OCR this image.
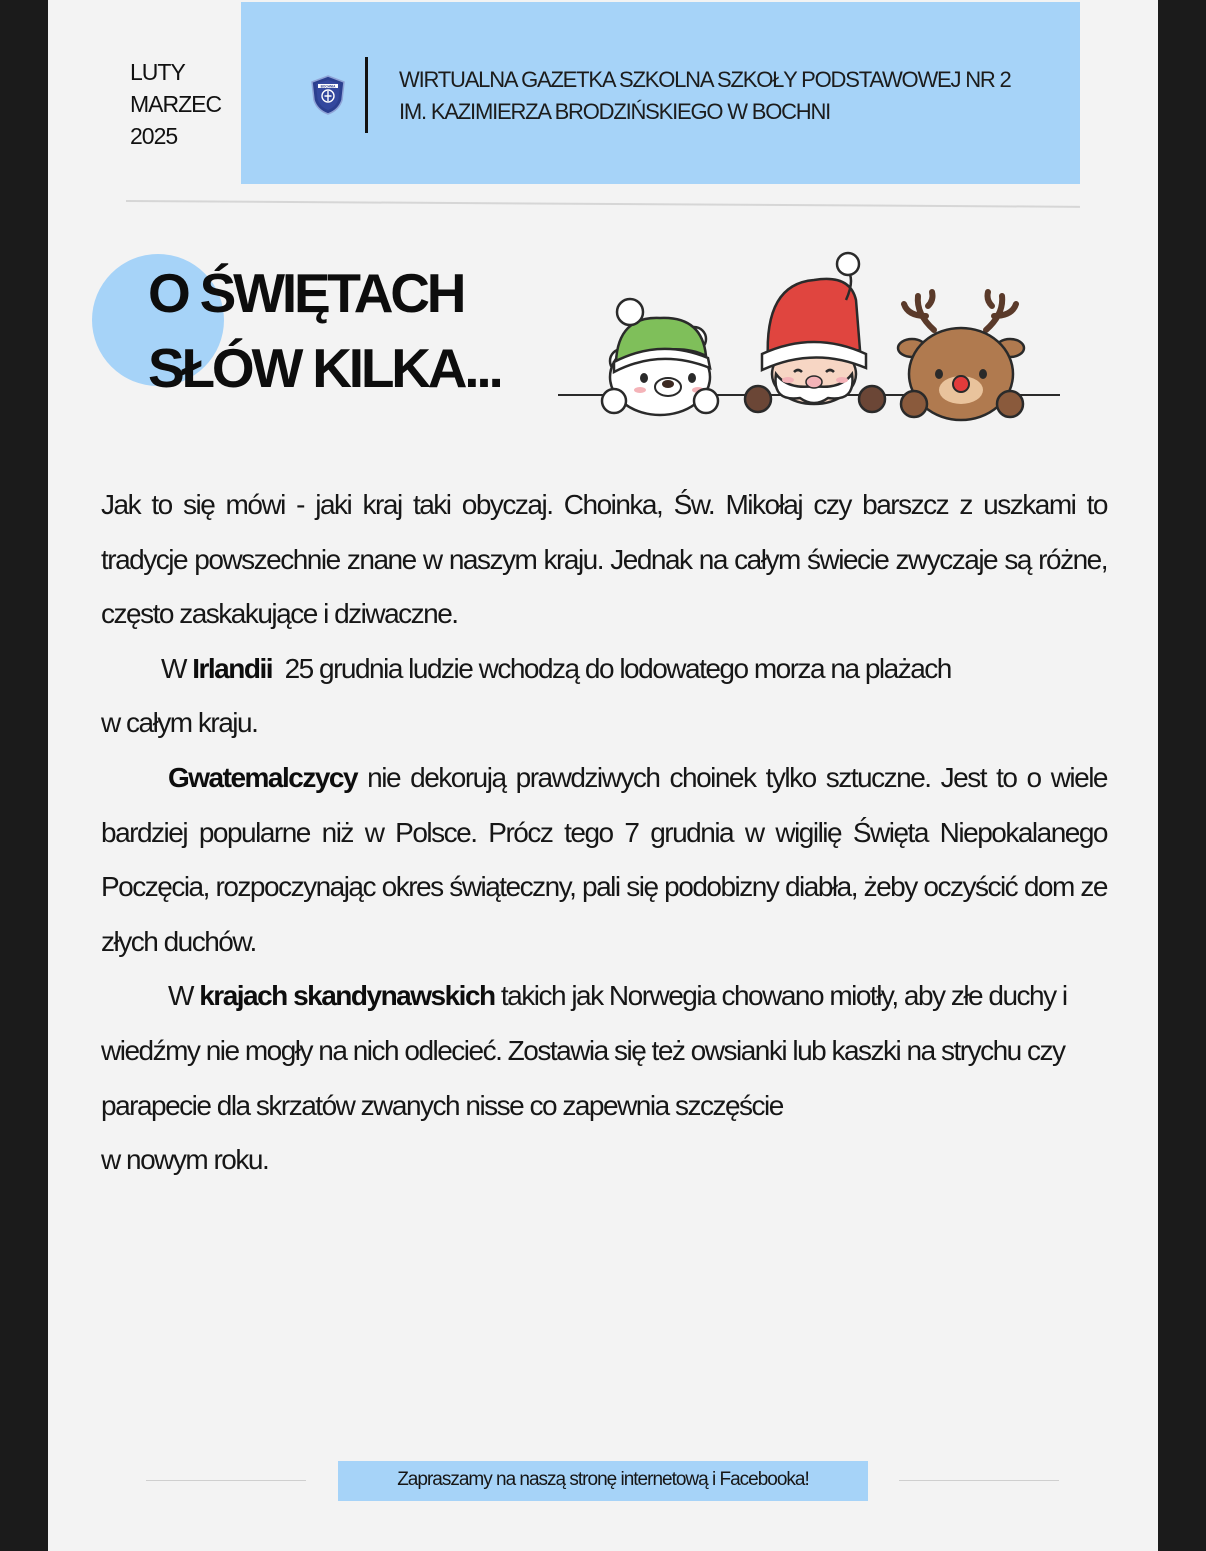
LUTY
MARZEC
2025
BOCHNIA	WIRTUALNA GAZETKA SZKOLNA SZKOŁY PODSTAWOWEJ NR 2
IM. KAZIMIERZA BRODZIŃSKIEGO W BOCHNI
O ŚWIĘTACH
SŁÓW KILKA...

Jak to się mówi - jaki kraj taki obyczaj. Choinka, Św. Mikołaj czy barszcz z uszkami to tradycje powszechnie znane w naszym kraju. Jednak na całym świecie zwyczaje są różne, często zaskakujące i dziwaczne.

W Irlandii  25 grudnia ludzie wchodzą do lodowatego morza na plażach

w całym kraju.

Gwatemalczycy nie dekorują prawdziwych choinek tylko sztuczne. Jest to o wiele bardziej popularne niż w Polsce. Prócz tego 7 grudnia w wigilię Święta Niepokalanego Poczęcia, rozpoczynając okres świąteczny, pali się podobizny diabła, żeby oczyścić dom ze złych duchów.

W krajach skandynawskich takich jak Norwegia chowano miotły, aby złe duchy i wiedźmy nie mogły na nich odlecieć. Zostawia się też owsianki lub kaszki na strychu czy parapecie dla skrzatów zwanych nisse co zapewnia szczęście

w nowym roku.

Zapraszamy na naszą stronę internetową i Facebooka!
